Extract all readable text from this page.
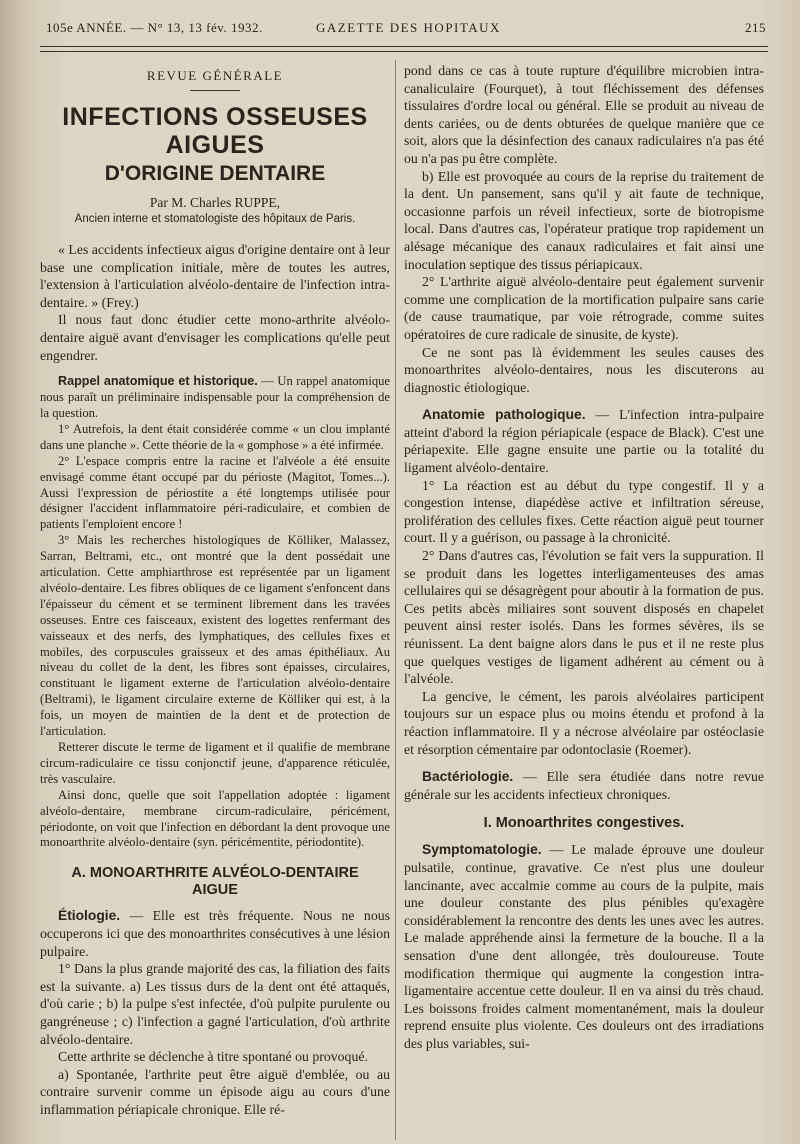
105e ANNÉE. — N° 13, 13 fév. 1932.	GAZETTE DES HOPITAUX	215
REVUE GÉNÉRALE
INFECTIONS OSSEUSES AIGUES
D'ORIGINE DENTAIRE
Par M. Charles RUPPE,
Ancien interne et stomatologiste des hôpitaux de Paris.

« Les accidents infectieux aigus d'origine dentaire ont à leur base une complication initiale, mère de toutes les autres, l'extension à l'articulation alvéolo-dentaire de l'infection intra-dentaire. » (Frey.)

Il nous faut donc étudier cette mono-arthrite alvéolo-dentaire aiguë avant d'envisager les complications qu'elle peut engendrer.

Rappel anatomique et historique. — Un rappel anatomique nous paraît un préliminaire indispensable pour la compréhension de la question.

1° Autrefois, la dent était considérée comme « un clou implanté dans une planche ». Cette théorie de la « gomphose » a été infirmée.

2° L'espace compris entre la racine et l'alvéole a été ensuite envisagé comme étant occupé par du périoste (Magitot, Tomes...). Aussi l'expression de périostite a été longtemps utilisée pour désigner l'accident inflammatoire péri-radiculaire, et combien de patients l'emploient encore !

3° Mais les recherches histologiques de Kölliker, Malassez, Sarran, Beltrami, etc., ont montré que la dent possédait une articulation. Cette amphiarthrose est représentée par un ligament alvéolo-dentaire. Les fibres obliques de ce ligament s'enfoncent dans l'épaisseur du cément et se terminent librement dans les travées osseuses. Entre ces faisceaux, existent des logettes renfermant des vaisseaux et des nerfs, des lymphatiques, des cellules fixes et mobiles, des corpuscules graisseux et des amas épithéliaux. Au niveau du collet de la dent, les fibres sont épaisses, circulaires, constituant le ligament externe de l'articulation alvéolo-dentaire (Beltrami), le ligament circulaire externe de Kölliker qui est, à la fois, un moyen de maintien de la dent et de protection de l'articulation.

Retterer discute le terme de ligament et il qualifie de membrane circum-radiculaire ce tissu conjonctif jeune, d'apparence réticulée, très vasculaire.

Ainsi donc, quelle que soit l'appellation adoptée : ligament alvéolo-dentaire, membrane circum-radiculaire, péricément, périodonte, on voit que l'infection en débordant la dent provoque une monoarthrite alvéolo-dentaire (syn. péricémentite, périodontite).

A. MONOARTHRITE ALVÉOLO-DENTAIRE
AIGUE

Étiologie. — Elle est très fréquente. Nous ne nous occuperons ici que des monoarthrites consécutives à une lésion pulpaire.

1° Dans la plus grande majorité des cas, la filiation des faits est la suivante. a) Les tissus durs de la dent ont été attaqués, d'où carie ; b) la pulpe s'est infectée, d'où pulpite purulente ou gangréneuse ; c) l'infection a gagné l'articulation, d'où arthrite alvéolo-dentaire.

Cette arthrite se déclenche à titre spontané ou provoqué.

a) Spontanée, l'arthrite peut être aiguë d'emblée, ou au contraire survenir comme un épisode aigu au cours d'une inflammation périapicale chronique. Elle ré-

pond dans ce cas à toute rupture d'équilibre microbien intra-canaliculaire (Fourquet), à tout fléchissement des défenses tissulaires d'ordre local ou général. Elle se produit au niveau de dents cariées, ou de dents obturées de quelque manière que ce soit, alors que la désinfection des canaux radiculaires n'a pas été ou n'a pas pu être complète.

b) Elle est provoquée au cours de la reprise du traitement de la dent. Un pansement, sans qu'il y ait faute de technique, occasionne parfois un réveil infectieux, sorte de biotropisme local. Dans d'autres cas, l'opérateur pratique trop rapidement un alésage mécanique des canaux radiculaires et fait ainsi une inoculation septique des tissus périapicaux.

2° L'arthrite aiguë alvéolo-dentaire peut également survenir comme une complication de la mortification pulpaire sans carie (de cause traumatique, par voie rétrograde, comme suites opératoires de cure radicale de sinusite, de kyste).

Ce ne sont pas là évidemment les seules causes des monoarthrites alvéolo-dentaires, nous les discuterons au diagnostic étiologique.

Anatomie pathologique. — L'infection intra-pulpaire atteint d'abord la région périapicale (espace de Black). C'est une périapexite. Elle gagne ensuite une partie ou la totalité du ligament alvéolo-dentaire.

1° La réaction est au début du type congestif. Il y a congestion intense, diapédèse active et infiltration séreuse, prolifération des cellules fixes. Cette réaction aiguë peut tourner court. Il y a guérison, ou passage à la chronicité.

2° Dans d'autres cas, l'évolution se fait vers la suppuration. Il se produit dans les logettes interligamenteuses des amas cellulaires qui se désagrègent pour aboutir à la formation de pus. Ces petits abcès miliaires sont souvent disposés en chapelet peuvent ainsi rester isolés. Dans les formes sévères, ils se réunissent. La dent baigne alors dans le pus et il ne reste plus que quelques vestiges de ligament adhérent au cément ou à l'alvéole.

La gencive, le cément, les parois alvéolaires participent toujours sur un espace plus ou moins étendu et profond à la réaction inflammatoire. Il y a nécrose alvéolaire par ostéoclasie et résorption cémentaire par odontoclasie (Roemer).

Bactériologie. — Elle sera étudiée dans notre revue générale sur les accidents infectieux chroniques.

I. Monoarthrites congestives.

Symptomatologie. — Le malade éprouve une douleur pulsatile, continue, gravative. Ce n'est plus une douleur lancinante, avec accalmie comme au cours de la pulpite, mais une douleur constante des plus pénibles qu'exagère considérablement la rencontre des dents les unes avec les autres. Le malade appréhende ainsi la fermeture de la bouche. Il a la sensation d'une dent allongée, très douloureuse. Toute modification thermique qui augmente la congestion intra-ligamentaire accentue cette douleur. Il en va ainsi du très chaud. Les boissons froides calment momentanément, mais la douleur reprend ensuite plus violente. Ces douleurs ont des irradiations des plus variables, sui-
